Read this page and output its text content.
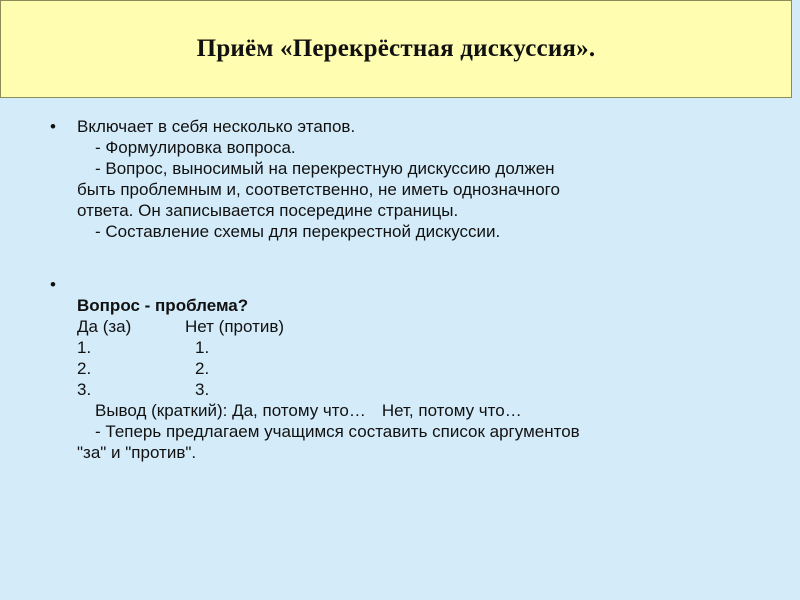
Приём «Перекрёстная дискуссия».
• Включает в себя несколько этапов.
- Формулировка вопроса.
- Вопрос, выносимый на перекрестную дискуссию должен
быть проблемным и, соответственно, не иметь однозначного
ответа. Он записывается посередине страницы.
- Составление схемы для перекрестной дискуссии.
•
Вопрос - проблема?
Да (за)	Нет (против)
1.	1.
2.	2.
3.	3.
Вывод (краткий): Да, потому что… Нет, потому что…
- Теперь предлагаем учащимся составить список аргументов
"за" и "против".
